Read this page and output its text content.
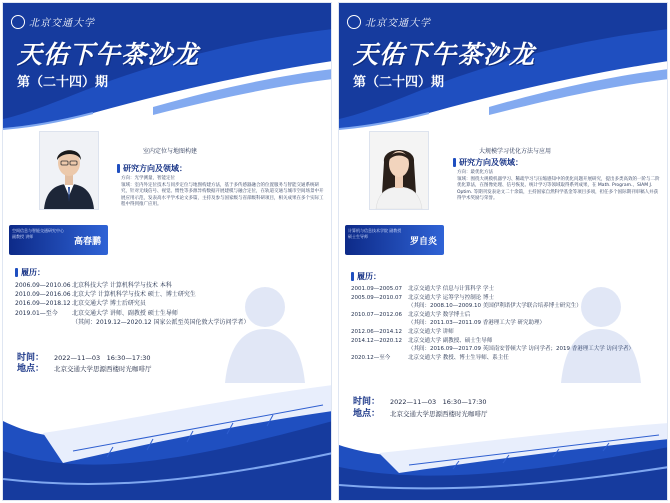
北京交通大学
天佑下午茶沙龙
第（二十四）期
空间信息与智能交通研究中心 副教授 讲师
高春鹏
室内定位与地图构建
研究方向及领域：

方向：光学测量，智能定位

领域：室内外定位技术与同步定位与地图构建方法，基于多传感器融合的位置服务与智能交通系统研究，针对无线信号、视觉、惯性等多源异构数据开展建模与融合定位，在轨道交通与城市空间场景中开展应用示范，发表高水平学术论文多篇，主持及参与国家级与省部级科研项目，相关成果在多个实际工程中得到推广应用。

履历：
2006.09—2010.06 北京科技大学 计算机科学与技术 本科
2010.09—2016.06 北京大学 计算机科学与技术 硕士、博士研究生
2016.09—2018.12 北京交通大学 博士后研究员
2019.01—至今	北京交通大学 讲师、副教授 硕士生导师
（其间：2019.12—2020.12 国家公派至英国伦敦大学访问学者）
时间： 2022—11—03　16:30—17:30
地点： 北京交通大学思源西楼时光咖啡厅
北京交通大学
天佑下午茶沙龙
第（二十四）期
计算机与信息技术学院 副教授 硕士生导师
罗自炎
大规模学习优化方法与应用
研究方向及领域：

方向：最优化方法

领域：围绕大规模机器学习、稀疏学习与压缩感知中的优化问题开展研究，提出多类高效的一阶与二阶优化算法，在图像处理、信号恢复、统计学习等领域取得系列成果，在 Math. Program.、SIAM J. Optim. 等期刊发表论文二十余篇，主持国家自然科学基金等项目多项，担任多个国际期刊审稿人并获得学术奖励与荣誉。

履历：
2001.09—2005.07	北京交通大学 信息与计算科学 学士
2005.09—2010.07	北京交通大学 运筹学与控制论 博士
（其间：2008.10—2009.10 美国伊利诺伊大学联合培养博士研究生）
2010.07—2012.06	北京交通大学 数学博士后
（其间：2011.03—2011.09 香港理工大学 研究助理）
2012.06—2014.12	北京交通大学 讲师
2014.12—2020.12	北京交通大学 副教授、硕士生导师
（其间：2016.09—2017.09 英国南安普顿大学 访问学者；2019 香港理工大学 访问学者）
2020.12—至今	北京交通大学 教授、博士生导师、系主任
时间： 2022—11—03　16:30—17:30
地点： 北京交通大学思源西楼时光咖啡厅
